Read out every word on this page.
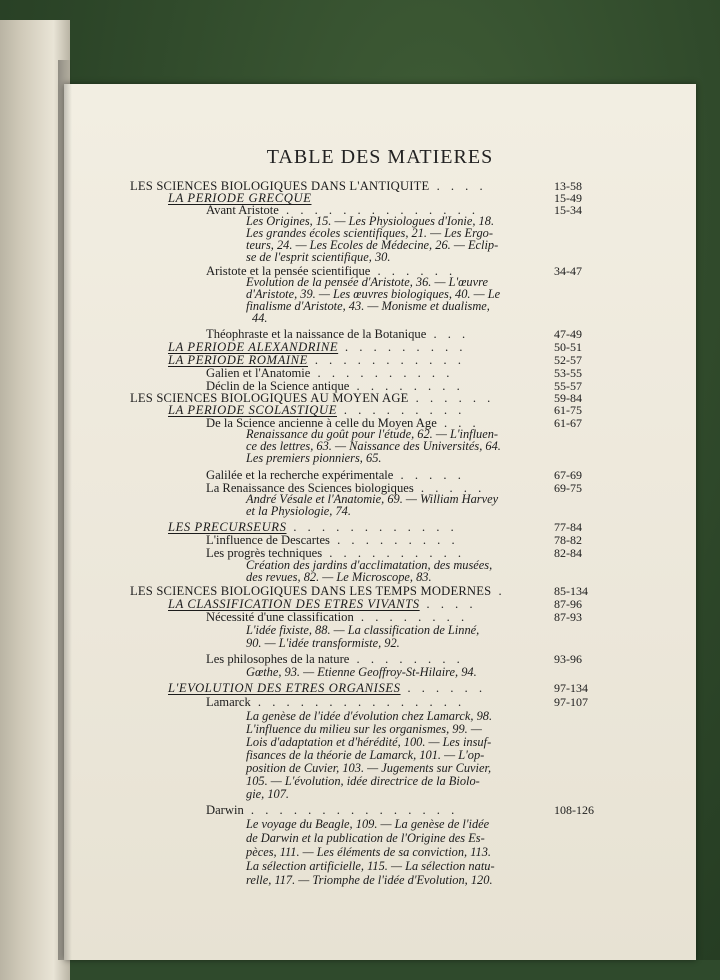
TABLE DES MATIERES
LES SCIENCES BIOLOGIQUES DANS L'ANTIQUITE . . . .	13-58
LA PERIODE GRECQUE	15-49
Avant Aristote . . . . . . . . . . . . . .	15-34
Les Origines, 15. — Les Physiologues d'Ionie, 18.
Les grandes écoles scientifiques, 21. — Les Ergo-
teurs, 24. — Les Ecoles de Médecine, 26. — Eclip-
se de l'esprit scientifique, 30.
Aristote et la pensée scientifique . . . . . .	34-47
Evolution de la pensée d'Aristote, 36. — L'œuvre
d'Aristote, 39. — Les œuvres biologiques, 40. — Le
finalisme d'Aristote, 43. — Monisme et dualisme,
44.
Théophraste et la naissance de la Botanique . . .	47-49
LA PERIODE ALEXANDRINE . . . . . . . . .	50-51
LA PERIODE ROMAINE . . . . . . . . . . .	52-57
Galien et l'Anatomie . . . . . . . . . .	53-55
Déclin de la Science antique . . . . . . . .	55-57
LES SCIENCES BIOLOGIQUES AU MOYEN AGE . . . . . .	59-84
LA PERIODE SCOLASTIQUE . . . . . . . . .	61-75
De la Science ancienne à celle du Moyen Age . . .	61-67
Renaissance du goût pour l'étude, 62. — L'influen-
ce des lettres, 63. — Naissance des Universités, 64.
Les premiers pionniers, 65.
Galilée et la recherche expérimentale . . . . .	67-69
La Renaissance des Sciences biologiques . . . . .	69-75
André Vésale et l'Anatomie, 69. — William Harvey
et la Physiologie, 74.
LES PRECURSEURS . . . . . . . . . . . .	77-84
L'influence de Descartes . . . . . . . . .	78-82
Les progrès techniques . . . . . . . . . .	82-84
Création des jardins d'acclimatation, des musées,
des revues, 82. — Le Microscope, 83.
LES SCIENCES BIOLOGIQUES DANS LES TEMPS MODERNES .	85-134
LA CLASSIFICATION DES ETRES VIVANTS . . . .	87-96
Nécessité d'une classification . . . . . . . .	87-93
L'idée fixiste, 88. — La classification de Linné,
90. — L'idée transformiste, 92.
Les philosophes de la nature . . . . . . . .	93-96
Gœthe, 93. — Etienne Geoffroy-St-Hilaire, 94.
L'EVOLUTION DES ETRES ORGANISES . . . . . .	97-134
Lamarck . . . . . . . . . . . . . . .	97-107
La genèse de l'idée d'évolution chez Lamarck, 98.
L'influence du milieu sur les organismes, 99. —
Lois d'adaptation et d'hérédité, 100. — Les insuf-
fisances de la théorie de Lamarck, 101. — L'op-
position de Cuvier, 103. — Jugements sur Cuvier,
105. — L'évolution, idée directrice de la Biolo-
gie, 107.
Darwin . . . . . . . . . . . . . . .	108-126
Le voyage du Beagle, 109. — La genèse de l'idée
de Darwin et la publication de l'Origine des Es-
pèces, 111. — Les éléments de sa conviction, 113.
La sélection artificielle, 115. — La sélection natu-
relle, 117. — Triomphe de l'idée d'Evolution, 120.
